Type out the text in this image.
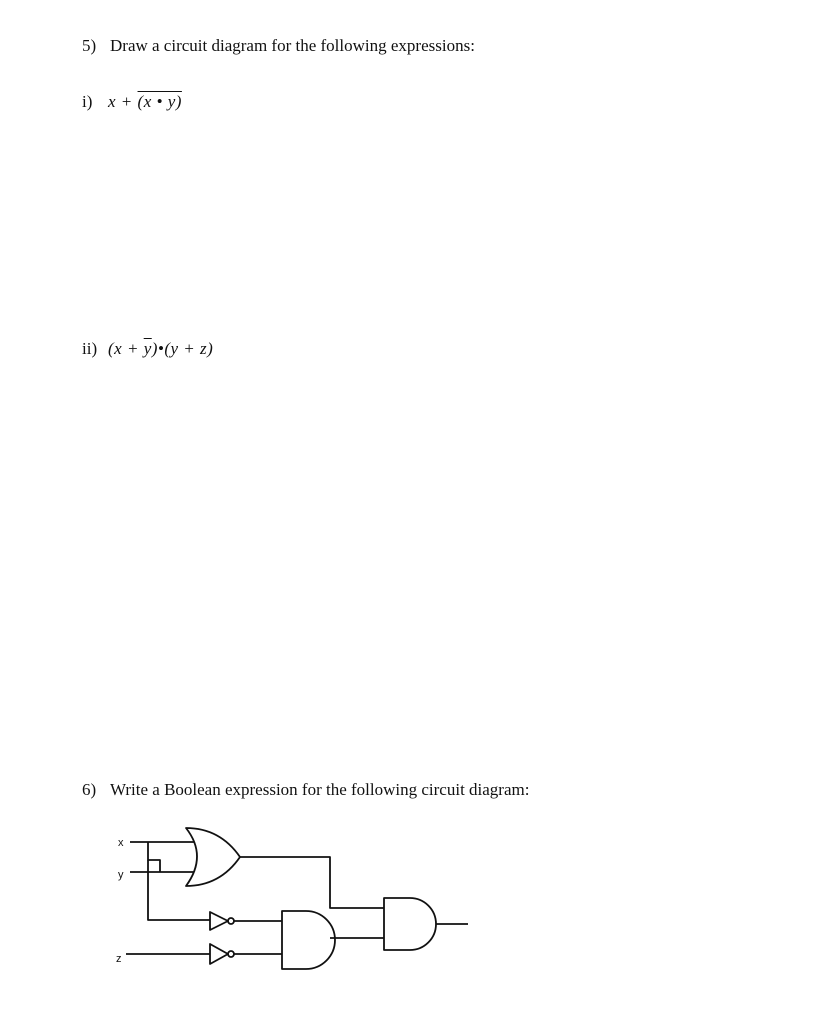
5) Draw a circuit diagram for the following expressions:
i) x + (x • y)
ii) $(x + \overline{y})•(y + z)$
6) Write a Boolean expression for the following circuit diagram:
x
y
z
